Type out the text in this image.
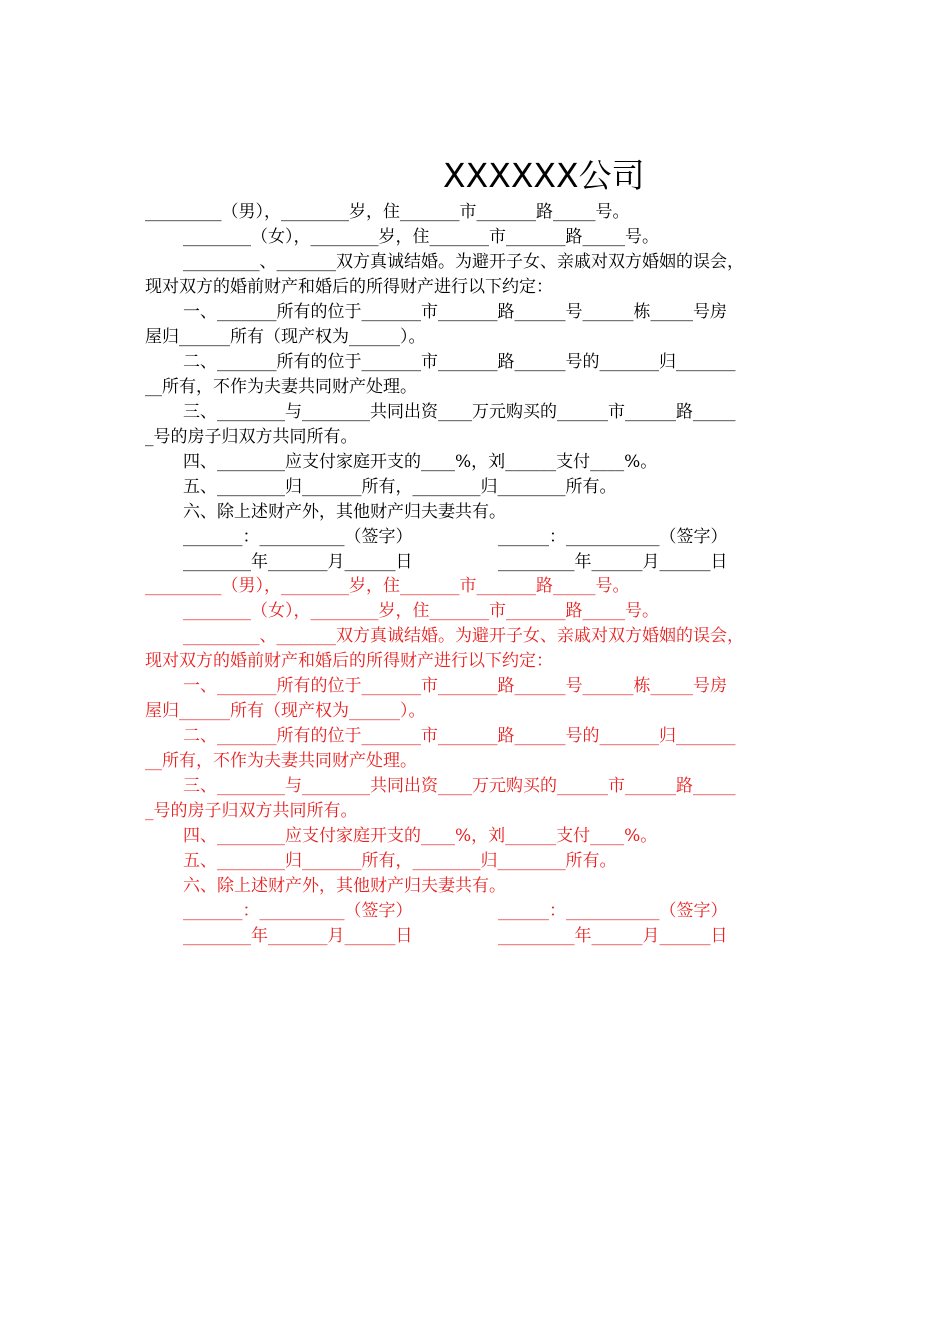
XXXXXX公司
_________（男），________岁，住_______市_______路_____号。
________（女），________岁，住_______市_______路_____号。
_________、_______双方真诚结婚。为避开子女、亲戚对双方婚姻的误会，
现对双方的婚前财产和婚后的所得财产进行以下约定：
一、_______所有的位于_______市_______路______号______栋_____号房
屋归______所有（现产权为______）。
二、_______所有的位于_______市_______路______号的_______归_______
__所有，不作为夫妻共同财产处理。
三、________与________共同出资____万元购买的______市______路_____
_号的房子归双方共同所有。
四、________应支付家庭开支的____%，刘______支付____%。
五、________归_______所有，________归________所有。
六、除上述财产外，其他财产归夫妻共有。
_______：__________（签字）	______：___________（签字）
________年_______月______日	_________年______月______日
_________（男），________岁，住_______市_______路_____号。
________（女），________岁，住_______市_______路_____号。
_________、_______双方真诚结婚。为避开子女、亲戚对双方婚姻的误会，
现对双方的婚前财产和婚后的所得财产进行以下约定：
一、_______所有的位于_______市_______路______号______栋_____号房
屋归______所有（现产权为______）。
二、_______所有的位于_______市_______路______号的_______归_______
__所有，不作为夫妻共同财产处理。
三、________与________共同出资____万元购买的______市______路_____
_号的房子归双方共同所有。
四、________应支付家庭开支的____%，刘______支付____%。
五、________归_______所有，________归________所有。
六、除上述财产外，其他财产归夫妻共有。
_______：__________（签字）	______：___________（签字）
________年_______月______日	_________年______月______日
